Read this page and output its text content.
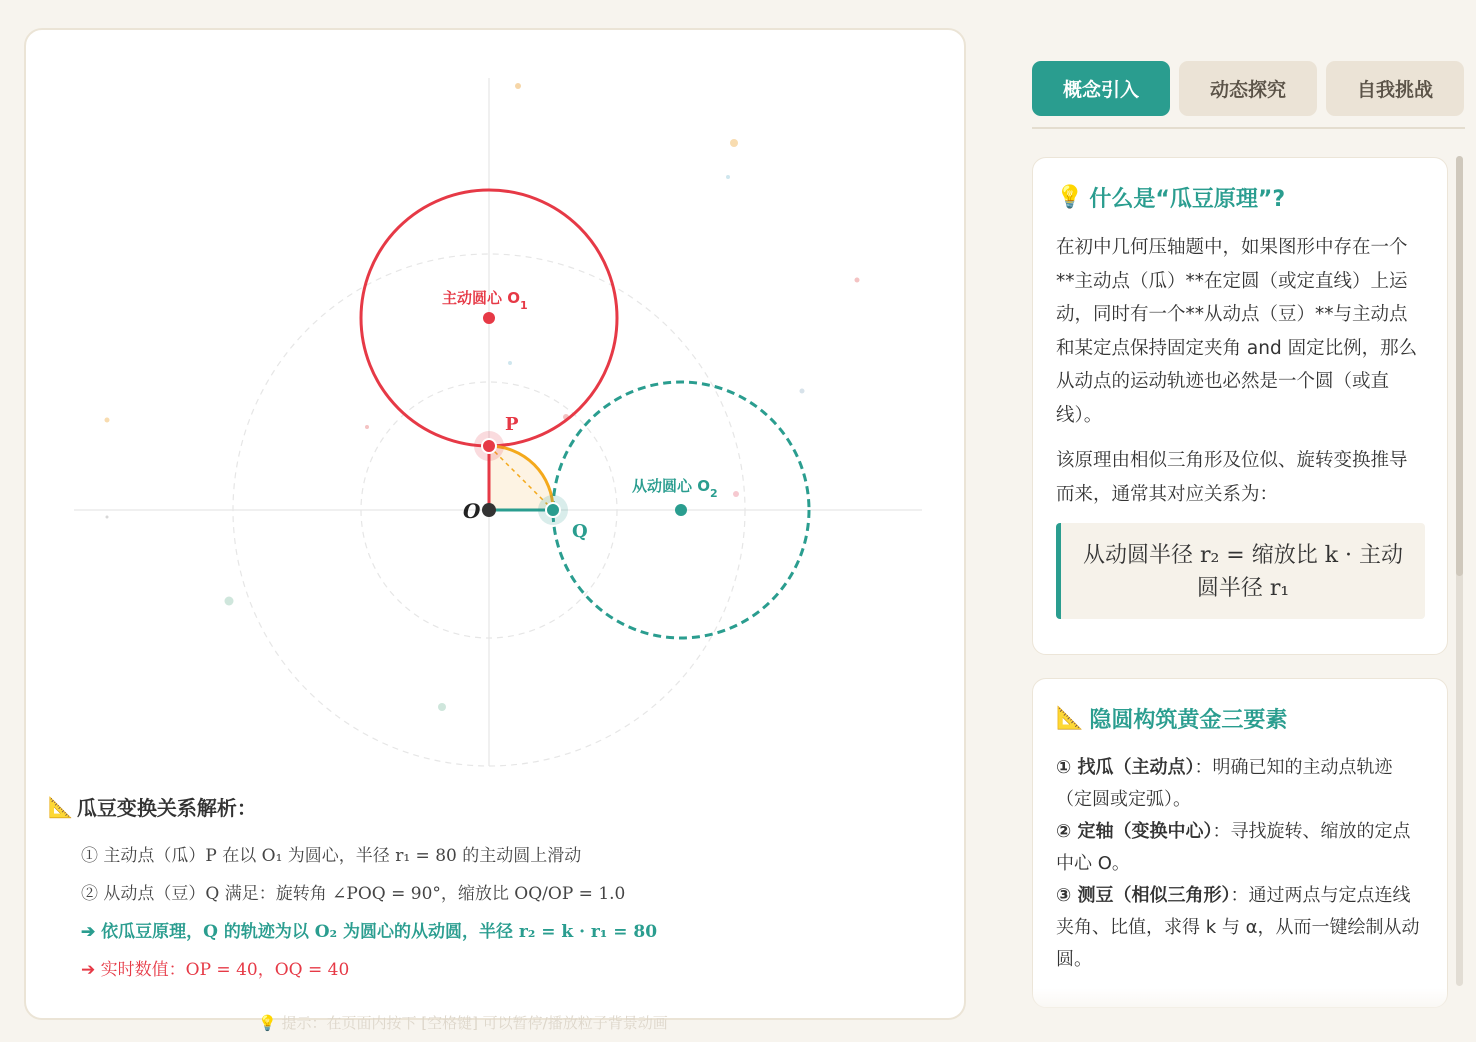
主动圆心 $O_1$
从动圆心 $O_2$
P
Q
O
📐 瓜豆变换关系解析：
① 主动点（瓜）P 在以 O₁ 为圆心，半径 r₁ = 80 的主动圆上滑动
② 从动点（豆）Q 满足：旋转角 ∠POQ = 90°，缩放比 OQ/OP = 1.0
➔ 依瓜豆原理，Q 的轨迹为以 O₂ 为圆心的从动圆，半径 r₂ = k · r₁ = 80
➔ 实时数值：OP = 40，OQ = 40
💡 提示：在页面内按下 [空格键] 可以暂停/播放粒子背景动画
概念引入	动态探究	自我挑战
💡 什么是“瓜豆原理”?

在初中几何压轴题中，如果图形中存在一个**主动点（瓜）**在定圆（或定直线）上运动，同时有一个**从动点（豆）**与主动点和某定点保持固定夹角 and 固定比例，那么从动点的运动轨迹也必然是一个圆（或直线）。

该原理由相似三角形及位似、旋转变换推导而来，通常其对应关系为：

从动圆半径 r₂ = 缩放比 k · 主动圆半径 r₁
📐 隐圆构筑黄金三要素
① 找瓜（主动点）：明确已知的主动点轨迹（定圆或定弧）。
② 定轴（变换中心）：寻找旋转、缩放的定点中心 O。
③ 测豆（相似三角形）：通过两点与定点连线夹角、比值，求得 k 与 α，从而一键绘制从动圆。
